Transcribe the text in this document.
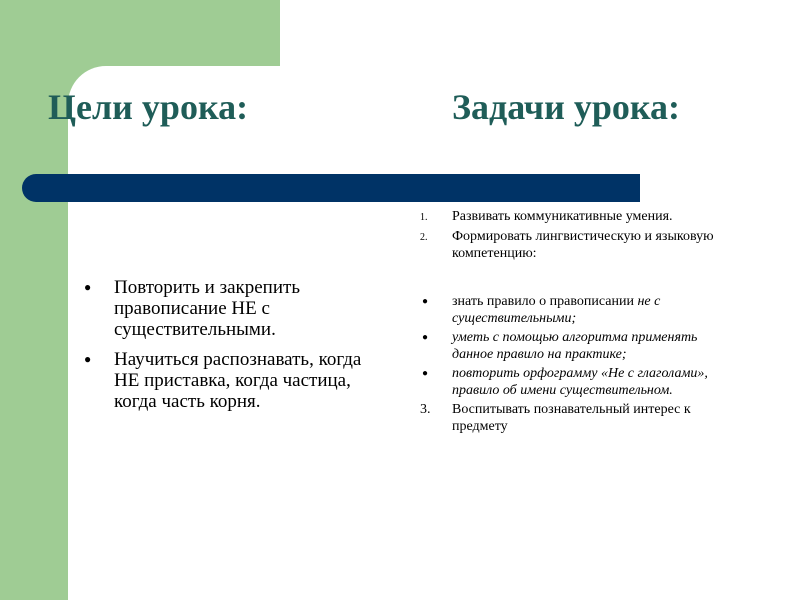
Цели урока:	Задачи урока:
● Повторить и закрепить правописание НЕ с существительными.
● Научиться распознавать, когда НЕ приставка, когда частица, когда часть корня.
1. Развивать коммуникативные умения.
2. Формировать лингвистическую и языковую компетенцию:
● знать правило о правописании не с существительными;
● уметь с помощью алгоритма применять данное правило на практике;
● повторить орфограмму «Не с глаголами», правило об имени существительном.
3. Воспитывать познавательный интерес к предмету
